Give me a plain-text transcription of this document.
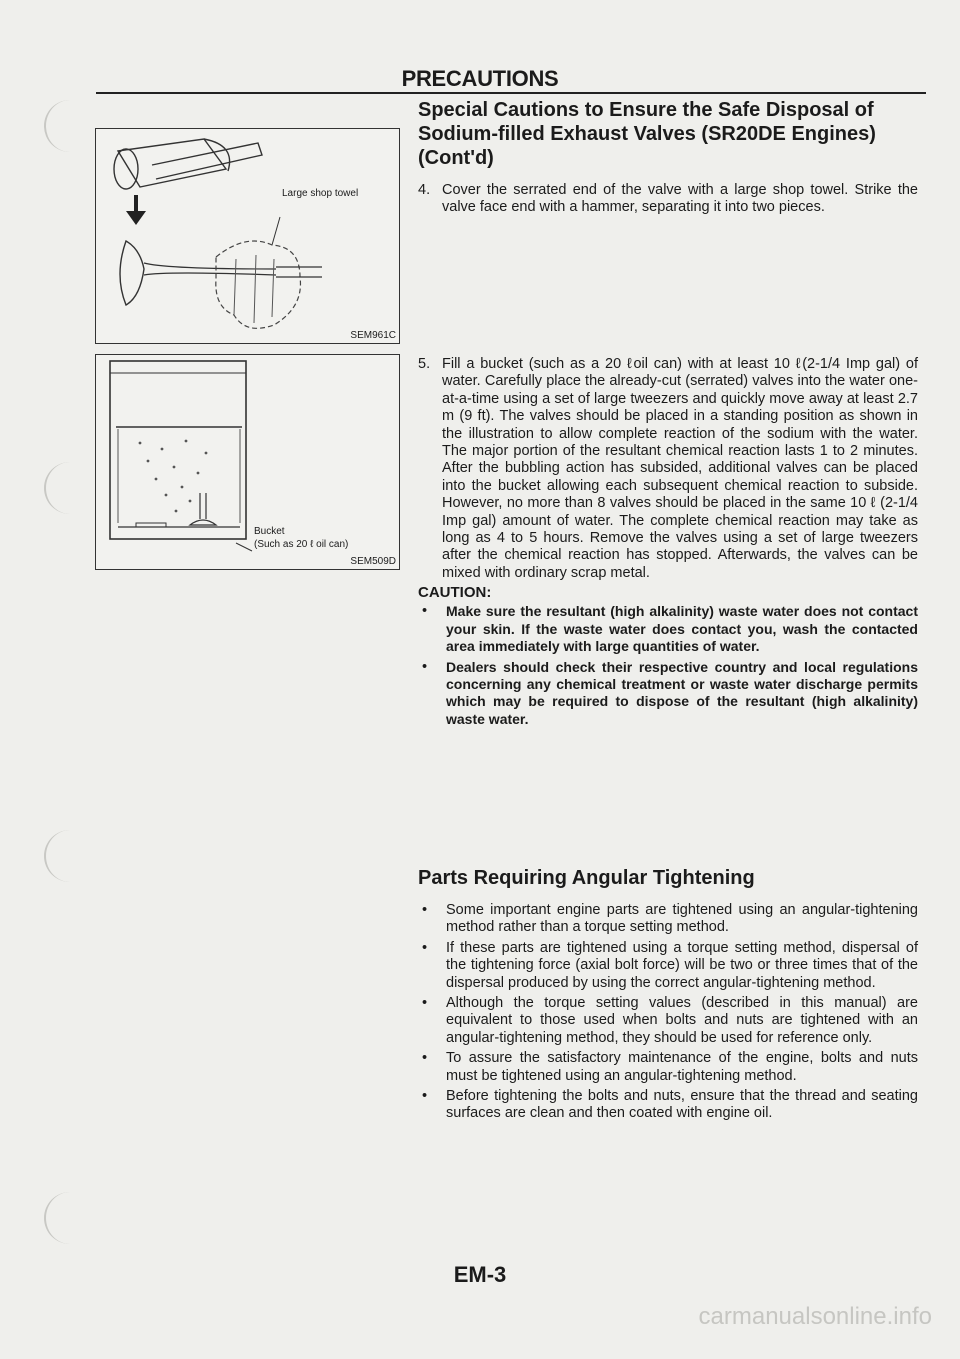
PRECAUTIONS
Large shop towel
SEM961C
Bucket
(Such as 20 ℓ oil can)
SEM509D

Special Cautions to Ensure the Safe Disposal of

Sodium-filled Exhaust Valves (SR20DE Engines)

(Cont'd)

4. Cover the serrated end of the valve with a large shop towel. Strike the valve face end with a hammer, separating it into two pieces.
5. Fill a bucket (such as a 20 ℓoil can) with at least 10 ℓ(2-1/4 Imp gal) of water. Carefully place the already-cut (serrated) valves into the water one-at-a-time using a set of large tweezers and quickly move away at least 2.7 m (9 ft). The valves should be placed in a standing position as shown in the illustration to allow complete reaction of the sodium with the water. The major portion of the resultant chemical reaction lasts 1 to 2 minutes. After the bubbling action has subsided, additional valves can be placed into the bucket allowing each subsequent chemical reaction to subside. However, no more than 8 valves should be placed in the same 10 ℓ (2-1/4 Imp gal) amount of water. The complete chemical reaction may take as long as 4 to 5 hours. Remove the valves using a set of large tweezers after the chemical reaction has stopped. Afterwards, the valves can be mixed with ordinary scrap metal.
CAUTION:
•	Make sure the resultant (high alkalinity) waste water does not contact your skin. If the waste water does contact you, wash the contacted area immediately with large quantities of water.
•	Dealers should check their respective country and local regulations concerning any chemical treatment or waste water discharge permits which may be required to dispose of the resultant (high alkalinity) waste water.

Parts Requiring Angular Tightening

•	Some important engine parts are tightened using an angular-tightening method rather than a torque setting method.
•	If these parts are tightened using a torque setting method, dispersal of the tightening force (axial bolt force) will be two or three times that of the dispersal produced by using the correct angular-tightening method.
•	Although the torque setting values (described in this manual) are equivalent to those used when bolts and nuts are tightened with an angular-tightening method, they should be used for reference only.
•	To assure the satisfactory maintenance of the engine, bolts and nuts must be tightened using an angular-tightening method.
•	Before tightening the bolts and nuts, ensure that the thread and seating surfaces are clean and then coated with engine oil.
EM-3
carmanualsonline.info
